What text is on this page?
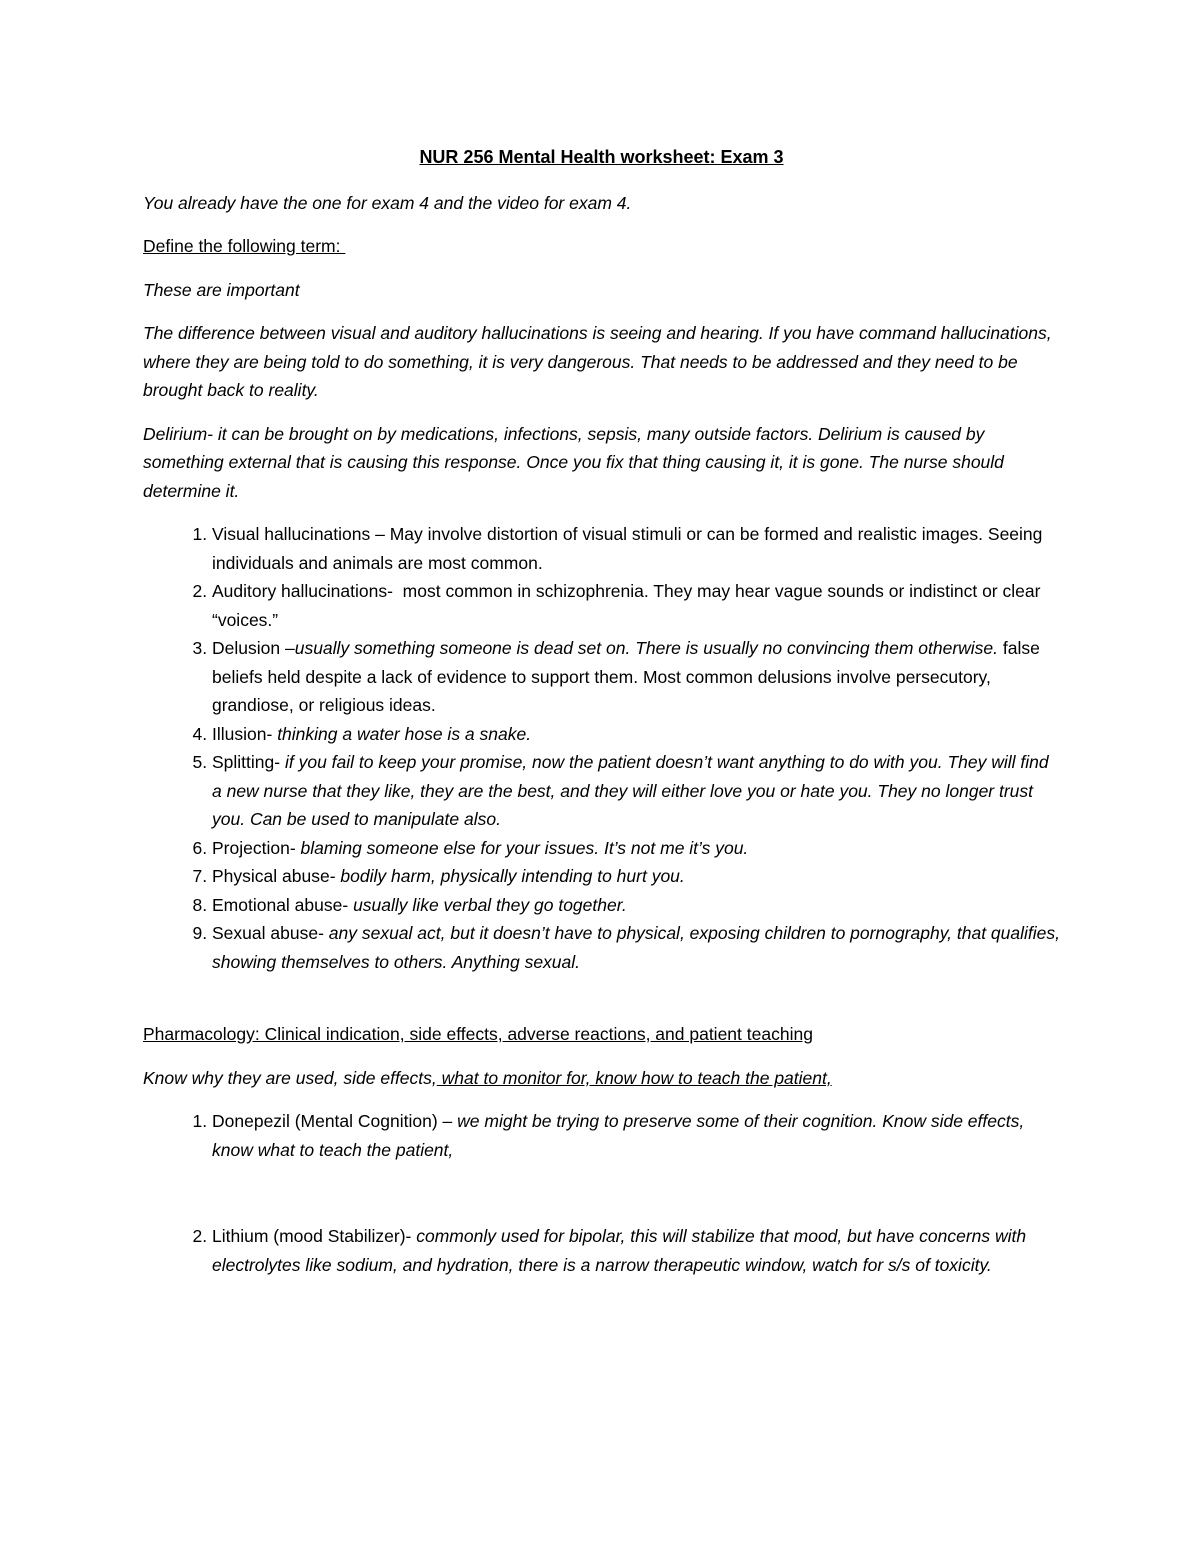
NUR 256 Mental Health worksheet: Exam 3

You already have the one for exam 4 and the video for exam 4.

Define the following term:

These are important

The difference between visual and auditory hallucinations is seeing and hearing. If you have command hallucinations, where they are being told to do something, it is very dangerous. That needs to be addressed and they need to be brought back to reality.

Delirium- it can be brought on by medications, infections, sepsis, many outside factors. Delirium is caused by something external that is causing this response. Once you fix that thing causing it, it is gone. The nurse should determine it.

1. Visual hallucinations – May involve distortion of visual stimuli or can be formed and realistic images. Seeing individuals and animals are most common.
2. Auditory hallucinations-  most common in schizophrenia. They may hear vague sounds or indistinct or clear “voices.”
3. Delusion –usually something someone is dead set on. There is usually no convincing them otherwise. false beliefs held despite a lack of evidence to support them. Most common delusions involve persecutory, grandiose, or religious ideas.
4. Illusion- thinking a water hose is a snake.
5. Splitting- if you fail to keep your promise, now the patient doesn’t want anything to do with you. They will find a new nurse that they like, they are the best, and they will either love you or hate you. They no longer trust you. Can be used to manipulate also.
6. Projection- blaming someone else for your issues. It’s not me it’s you.
7. Physical abuse- bodily harm, physically intending to hurt you.
8. Emotional abuse- usually like verbal they go together.
9. Sexual abuse- any sexual act, but it doesn’t have to physical, exposing children to pornography, that qualifies, showing themselves to others. Anything sexual.

Pharmacology: Clinical indication, side effects, adverse reactions, and patient teaching

Know why they are used, side effects, what to monitor for, know how to teach the patient,

1. Donepezil (Mental Cognition) – we might be trying to preserve some of their cognition. Know side effects, know what to teach the patient,
2. Lithium (mood Stabilizer)- commonly used for bipolar, this will stabilize that mood, but have concerns with electrolytes like sodium, and hydration, there is a narrow therapeutic window, watch for s/s of toxicity.
